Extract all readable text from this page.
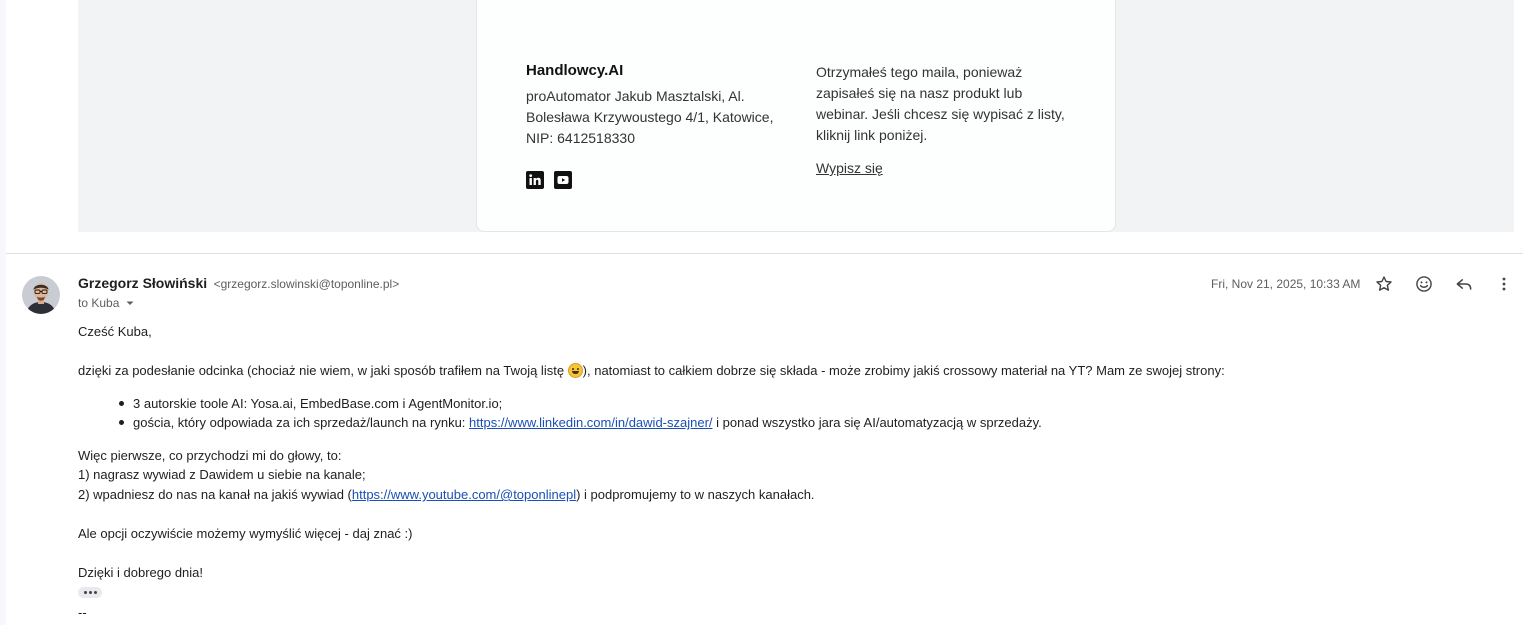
Handlowcy.AI
proAutomator Jakub Masztalski, Al.
Bolesława Krzywoustego 4/1, Katowice,
NIP: 6412518330
Otrzymałeś tego maila, ponieważ
zapisałeś się na nasz produkt lub
webinar. Jeśli chcesz się wypisać z listy,
kliknij link poniżej.
Wypisz się
Grzegorz Słowiński <grzegorz.slowinski@toponline.pl>
to Kuba
Fri, Nov 21, 2025, 10:33 AM
Cześć Kuba,
dzięki za podesłanie odcinka (chociaż nie wiem, w jaki sposób trafiłem na Twoją listę ), natomiast to całkiem dobrze się składa - może zrobimy jakiś crossowy materiał na YT? Mam ze swojej strony:
3 autorskie toole AI: Yosa.ai, EmbedBase.com i AgentMonitor.io;
gościa, który odpowiada za ich sprzedaż/launch na rynku: https://www.linkedin.com/in/dawid-szajner/ i ponad wszystko jara się AI/automatyzacją w sprzedaży.
Więc pierwsze, co przychodzi mi do głowy, to:
1) nagrasz wywiad z Dawidem u siebie na kanale;
2) wpadniesz do nas na kanał na jakiś wywiad (https://www.youtube.com/@toponlinepl) i podpromujemy to w naszych kanałach.
Ale opcji oczywiście możemy wymyślić więcej - daj znać :)
Dzięki i dobrego dnia!
--
